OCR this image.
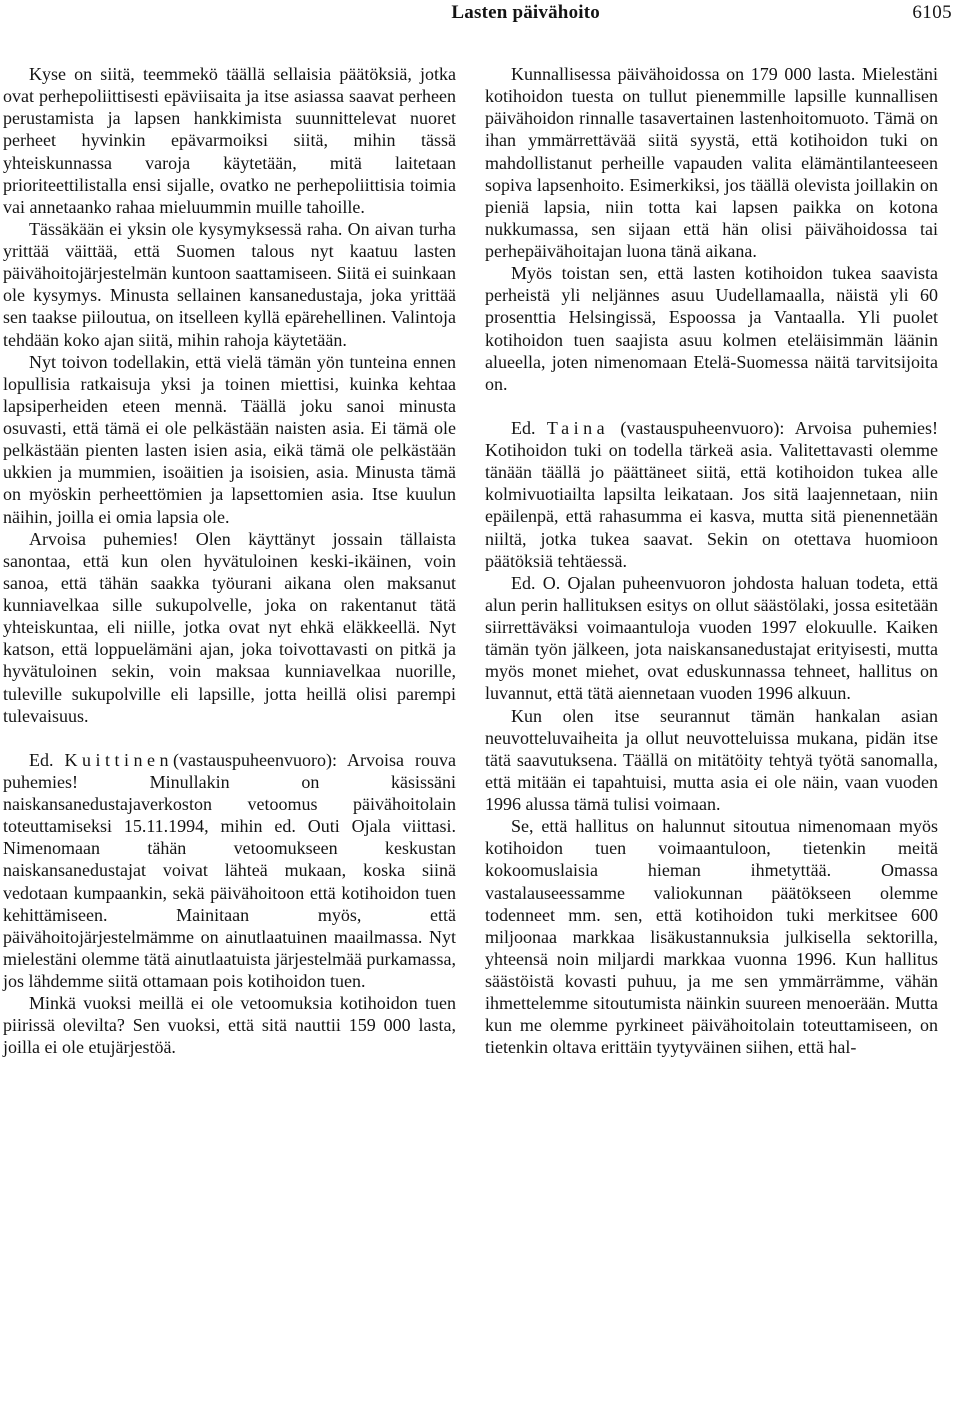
Lasten päivähoito	6105

Kyse on siitä, teemmekö täällä sellaisia päätöksiä, jotka ovat perhepoliittisesti epäviisaita ja itse asiassa saavat perheen perustamista ja lapsen hankkimista suunnittelevat nuoret perheet hyvinkin epävarmoiksi siitä, mihin tässä yhteiskunnassa varoja käytetään, mitä laitetaan prioriteettilistalla ensi sijalle, ovatko ne perhepoliittisia toimia vai annetaanko rahaa mieluummin muille tahoille.

Tässäkään ei yksin ole kysymyksessä raha. On aivan turha yrittää väittää, että Suomen talous nyt kaatuu lasten päivähoitojärjestelmän kuntoon saattamiseen. Siitä ei suinkaan ole kysymys. Minusta sellainen kansanedustaja, joka yrittää sen taakse piiloutua, on itselleen kyllä epärehellinen. Valintoja tehdään koko ajan siitä, mihin rahoja käytetään.

Nyt toivon todellakin, että vielä tämän yön tunteina ennen lopullisia ratkaisuja yksi ja toinen miettisi, kuinka kehtaa lapsiperheiden eteen mennä. Täällä joku sanoi minusta osuvasti, että tämä ei ole pelkästään naisten asia. Ei tämä ole pelkästään pienten lasten isien asia, eikä tämä ole pelkästään ukkien ja mummien, isoäitien ja isoisien, asia. Minusta tämä on myöskin perheettömien ja lapsettomien asia. Itse kuulun näihin, joilla ei omia lapsia ole.

Arvoisa puhemies! Olen käyttänyt jossain tällaista sanontaa, että kun olen hyvätuloinen keski-ikäinen, voin sanoa, että tähän saakka työurani aikana olen maksanut kunniavelkaa sille sukupolvelle, joka on rakentanut tätä yhteiskuntaa, eli niille, jotka ovat nyt ehkä eläkkeellä. Nyt katson, että loppuelämäni ajan, joka toivottavasti on pitkä ja hyvätuloinen sekin, voin maksaa kunniavelkaa nuorille, tuleville sukupolville eli lapsille, jotta heillä olisi parempi tulevaisuus.

Ed. Kuittinen(vastauspuheenvuoro): Arvoisa rouva puhemies! Minullakin on käsissäni naiskansanedustajaverkoston vetoomus päivähoitolain toteuttamiseksi 15.11.1994, mihin ed. Outi Ojala viittasi. Nimenomaan tähän vetoomukseen keskustan naiskansanedustajat voivat lähteä mukaan, koska siinä vedotaan kumpaankin, sekä päivähoitoon että kotihoidon tuen kehittämiseen. Mainitaan myös, että päivähoitojärjestelmämme on ainutlaatuinen maailmassa. Nyt mielestäni olemme tätä ainutlaatuista järjestelmää purkamassa, jos lähdemme siitä ottamaan pois kotihoidon tuen.

Minkä vuoksi meillä ei ole vetoomuksia kotihoidon tuen piirissä olevilta? Sen vuoksi, että sitä nauttii 159 000 lasta, joilla ei ole etujärjestöä.

Kunnallisessa päivähoidossa on 179 000 lasta. Mielestäni kotihoidon tuesta on tullut pienemmille lapsille kunnallisen päivähoidon rinnalle tasavertainen lastenhoitomuoto. Tämä on ihan ymmärrettävää siitä syystä, että kotihoidon tuki on mahdollistanut perheille vapauden valita elämäntilanteeseen sopiva lapsenhoito. Esimerkiksi, jos täällä olevista joillakin on pieniä lapsia, niin totta kai lapsen paikka on kotona nukkumassa, sen sijaan että hän olisi päivähoidossa tai perhepäivähoitajan luona tänä aikana.

Myös toistan sen, että lasten kotihoidon tukea saavista perheistä yli neljännes asuu Uudellamaalla, näistä yli 60 prosenttia Helsingissä, Espoossa ja Vantaalla. Yli puolet kotihoidon tuen saajista asuu kolmen eteläisimmän läänin alueella, joten nimenomaan Etelä-Suomessa näitä tarvitsijoita on.

Ed. Taina (vastauspuheenvuoro): Arvoisa puhemies! Kotihoidon tuki on todella tärkeä asia. Valitettavasti olemme tänään täällä jo päättäneet siitä, että kotihoidon tukea alle kolmivuotiailta lapsilta leikataan. Jos sitä laajennetaan, niin epäilenpä, että rahasumma ei kasva, mutta sitä pienennetään niiltä, jotka tukea saavat. Sekin on otettava huomioon päätöksiä tehtäessä.

Ed. O. Ojalan puheenvuoron johdosta haluan todeta, että alun perin hallituksen esitys on ollut säästölaki, jossa esitetään siirrettäväksi voimaantuloja vuoden 1997 elokuulle. Kaiken tämän työn jälkeen, jota naiskansanedustajat erityisesti, mutta myös monet miehet, ovat eduskunnassa tehneet, hallitus on luvannut, että tätä aiennetaan vuoden 1996 alkuun.

Kun olen itse seurannut tämän hankalan asian neuvotteluvaiheita ja ollut neuvotteluissa mukana, pidän itse tätä saavutuksena. Täällä on mitätöity tehtyä työtä sanomalla, että mitään ei tapahtuisi, mutta asia ei ole näin, vaan vuoden 1996 alussa tämä tulisi voimaan.

Se, että hallitus on halunnut sitoutua nimenomaan myös kotihoidon tuen voimaantuloon, tietenkin meitä kokoomuslaisia hieman ihmetyttää. Omassa vastalauseessamme valiokunnan päätökseen olemme todenneet mm. sen, että kotihoidon tuki merkitsee 600 miljoonaa markkaa lisäkustannuksia julkisella sektorilla, yhteensä noin miljardi markkaa vuonna 1996. Kun hallitus säästöistä kovasti puhuu, ja me sen ymmärrämme, vähän ihmettelemme sitoutumista näinkin suureen menoerään. Mutta kun me olemme pyrkineet päivähoitolain toteuttamiseen, on tietenkin oltava erittäin tyytyväinen siihen, että hal-
